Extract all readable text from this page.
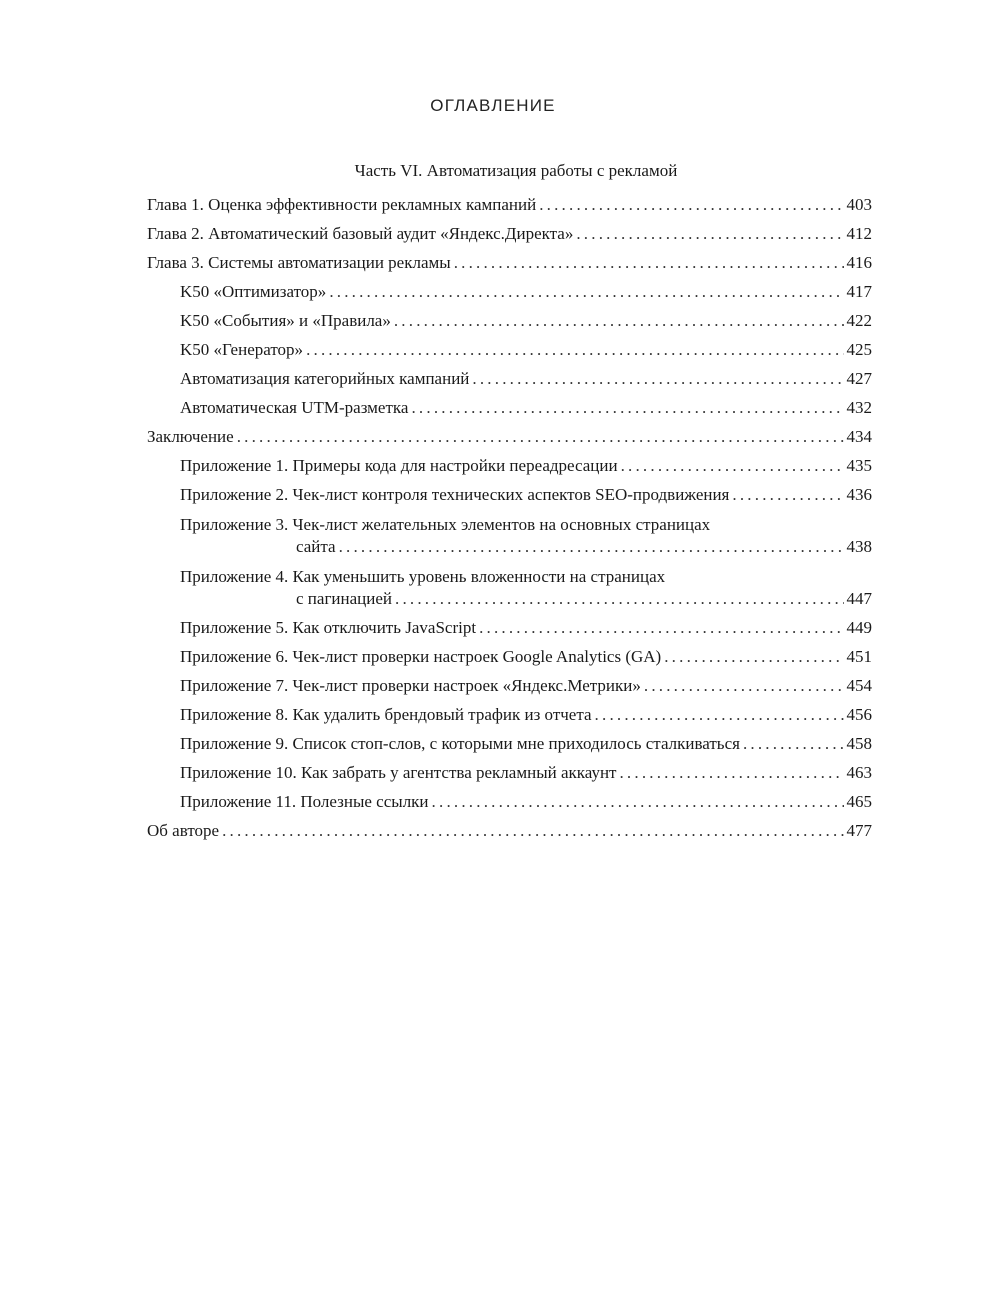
ОГЛАВЛЕНИЕ
Часть VI. Автоматизация работы с рекламой
Глава 1. Оценка эффективности рекламных кампаний .....	403
Глава 2. Автоматический базовый аудит «Яндекс.Директа» .....	412
Глава 3. Системы автоматизации рекламы .....	416
K50 «Оптимизатор» .....	417
K50 «События» и «Правила» .....	422
K50 «Генератор» .....	425
Автоматизация категорийных кампаний .....	427
Автоматическая UTM-разметка .....	432
Заключение .....	434
Приложение 1. Примеры кода для настройки переадресации .....	435
Приложение 2. Чек-лист контроля технических аспектов SEO-продвижения .....	436
Приложение 3. Чек-лист желательных элементов на основных страницах
сайта .....	438
Приложение 4. Как уменьшить уровень вложенности на страницах
с пагинацией .....	447
Приложение 5. Как отключить JavaScript .....	449
Приложение 6. Чек-лист проверки настроек Google Analytics (GA) .....	451
Приложение 7. Чек-лист проверки настроек «Яндекс.Метрики» .....	454
Приложение 8. Как удалить брендовый трафик из отчета .....	456
Приложение 9. Список стоп-слов, с которыми мне приходилось сталкиваться .....	458
Приложение 10. Как забрать у агентства рекламный аккаунт .....	463
Приложение 11. Полезные ссылки .....	465
Об авторе .....	477
